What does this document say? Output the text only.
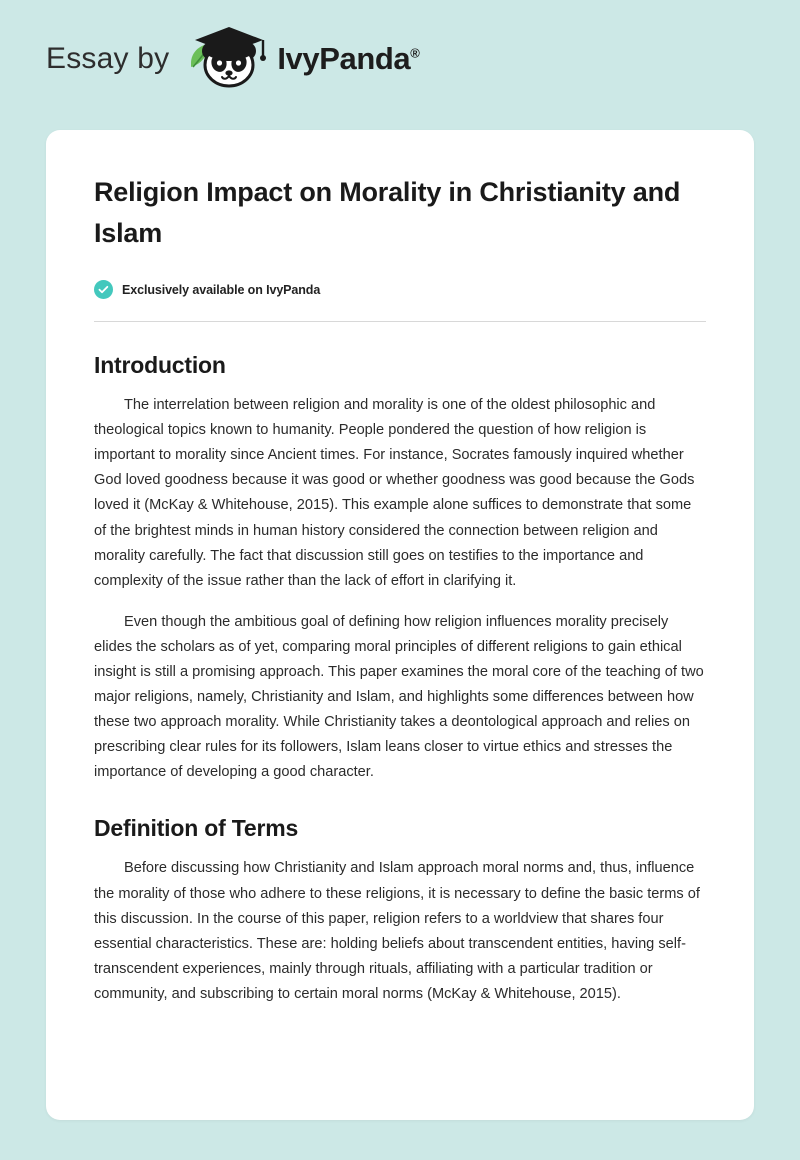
Essay by	IvyPanda®
Religion Impact on Morality in Christianity and Islam
Exclusively available on IvyPanda
Introduction

The interrelation between religion and morality is one of the oldest philosophic and theological topics known to humanity. People pondered the question of how religion is important to morality since Ancient times. For instance, Socrates famously inquired whether God loved goodness because it was good or whether goodness was good because the Gods loved it (McKay & Whitehouse, 2015). This example alone suffices to demonstrate that some of the brightest minds in human history considered the connection between religion and morality carefully. The fact that discussion still goes on testifies to the importance and complexity of the issue rather than the lack of effort in clarifying it.

Even though the ambitious goal of defining how religion influences morality precisely elides the scholars as of yet, comparing moral principles of different religions to gain ethical insight is still a promising approach. This paper examines the moral core of the teaching of two major religions, namely, Christianity and Islam, and highlights some differences between how these two approach morality. While Christianity takes a deontological approach and relies on prescribing clear rules for its followers, Islam leans closer to virtue ethics and stresses the importance of developing a good character.

Definition of Terms

Before discussing how Christianity and Islam approach moral norms and, thus, influence the morality of those who adhere to these religions, it is necessary to define the basic terms of this discussion. In the course of this paper, religion refers to a worldview that shares four essential characteristics. These are: holding beliefs about transcendent entities, having self-transcendent experiences, mainly through rituals, affiliating with a particular tradition or community, and subscribing to certain moral norms (McKay & Whitehouse, 2015).
